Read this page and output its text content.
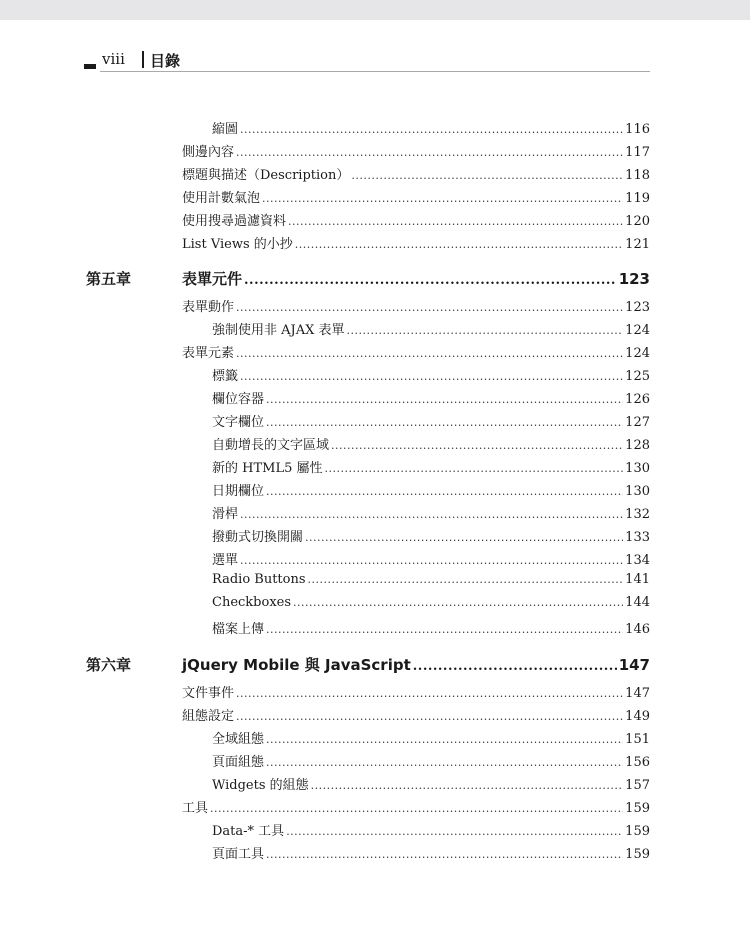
viii 目錄
縮圖 .....	116
側邊內容 .....	117
標題與描述（Description） .....	118
使用計數氣泡 .....	119
使用搜尋過濾資料 .....	120
List Views 的小抄 .....	121
第五章	表單元件 .....	123
表單動作 .....	123
強制使用非 AJAX 表單 .....	124
表單元素 .....	124
標籤 .....	125
欄位容器 .....	126
文字欄位 .....	127
自動增長的文字區域 .....	128
新的 HTML5 屬性 .....	130
日期欄位 .....	130
滑桿 .....	132
撥動式切換開關 .....	133
選單 .....	134
Radio Buttons .....	141
Checkboxes .....	144
檔案上傳 .....	146
第六章	jQuery Mobile 與 JavaScript .....	147
文件事件 .....	147
組態設定 .....	149
全域組態 .....	151
頁面組態 .....	156
Widgets 的組態 .....	157
工具 .....	159
Data-* 工具 .....	159
頁面工具 .....	159
